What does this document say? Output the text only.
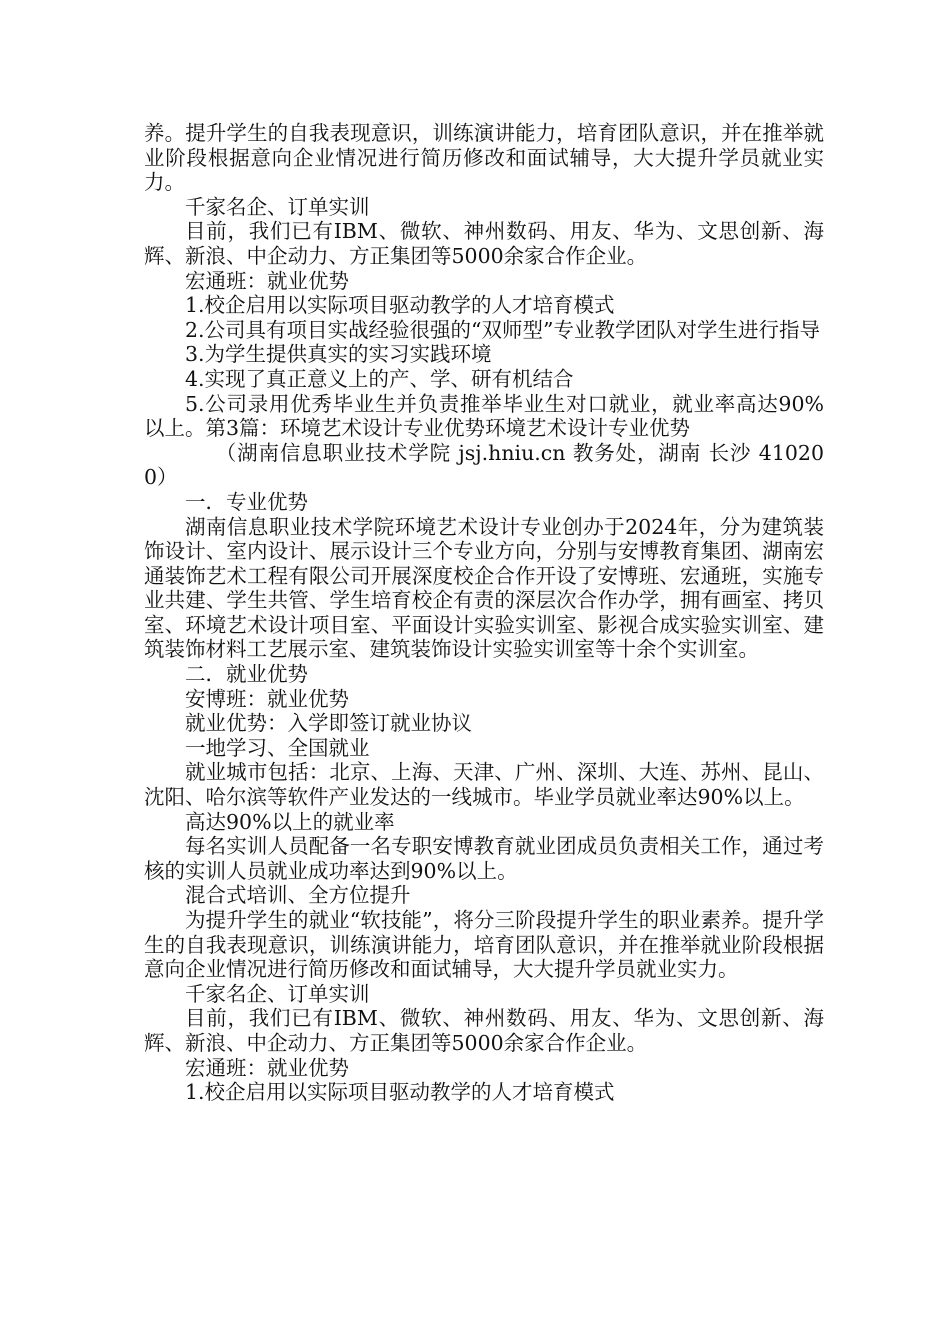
养。提升学生的自我表现意识，训练演讲能力，培育团队意识，并在推举就业阶段根据意向企业情况进行简历修改和面试辅导，大大提升学员就业实力。

千家名企、订单实训

目前，我们已有IBM、微软、神州数码、用友、华为、文思创新、海辉、新浪、中企动力、方正集团等5000余家合作企业。

宏通班：就业优势

1.校企启用以实际项目驱动教学的人才培育模式

2.公司具有项目实战经验很强的“双师型”专业教学团队对学生进行指导

3.为学生提供真实的实习实践环境

4.实现了真正意义上的产、学、研有机结合

5.公司录用优秀毕业生并负责推举毕业生对口就业，就业率高达90%以上。第3篇：环境艺术设计专业优势环境艺术设计专业优势

（湖南信息职业技术学院 jsj.hniu.cn 教务处，湖南 长沙 410200）

一．专业优势

湖南信息职业技术学院环境艺术设计专业创办于2024年，分为建筑装饰设计、室内设计、展示设计三个专业方向，分别与安博教育集团、湖南宏通装饰艺术工程有限公司开展深度校企合作开设了安博班、宏通班，实施专业共建、学生共管、学生培育校企有责的深层次合作办学，拥有画室、拷贝室、环境艺术设计项目室、平面设计实验实训室、影视合成实验实训室、建筑装饰材料工艺展示室、建筑装饰设计实验实训室等十余个实训室。

二．就业优势

安博班：就业优势

就业优势：入学即签订就业协议

一地学习、全国就业

就业城市包括：北京、上海、天津、广州、深圳、大连、苏州、昆山、沈阳、哈尔滨等软件产业发达的一线城市。毕业学员就业率达90%以上。

高达90%以上的就业率

每名实训人员配备一名专职安博教育就业团成员负责相关工作，通过考核的实训人员就业成功率达到90%以上。

混合式培训、全方位提升

为提升学生的就业“软技能”，将分三阶段提升学生的职业素养。提升学生的自我表现意识，训练演讲能力，培育团队意识，并在推举就业阶段根据意向企业情况进行简历修改和面试辅导，大大提升学员就业实力。

千家名企、订单实训

目前，我们已有IBM、微软、神州数码、用友、华为、文思创新、海辉、新浪、中企动力、方正集团等5000余家合作企业。

宏通班：就业优势

1.校企启用以实际项目驱动教学的人才培育模式
